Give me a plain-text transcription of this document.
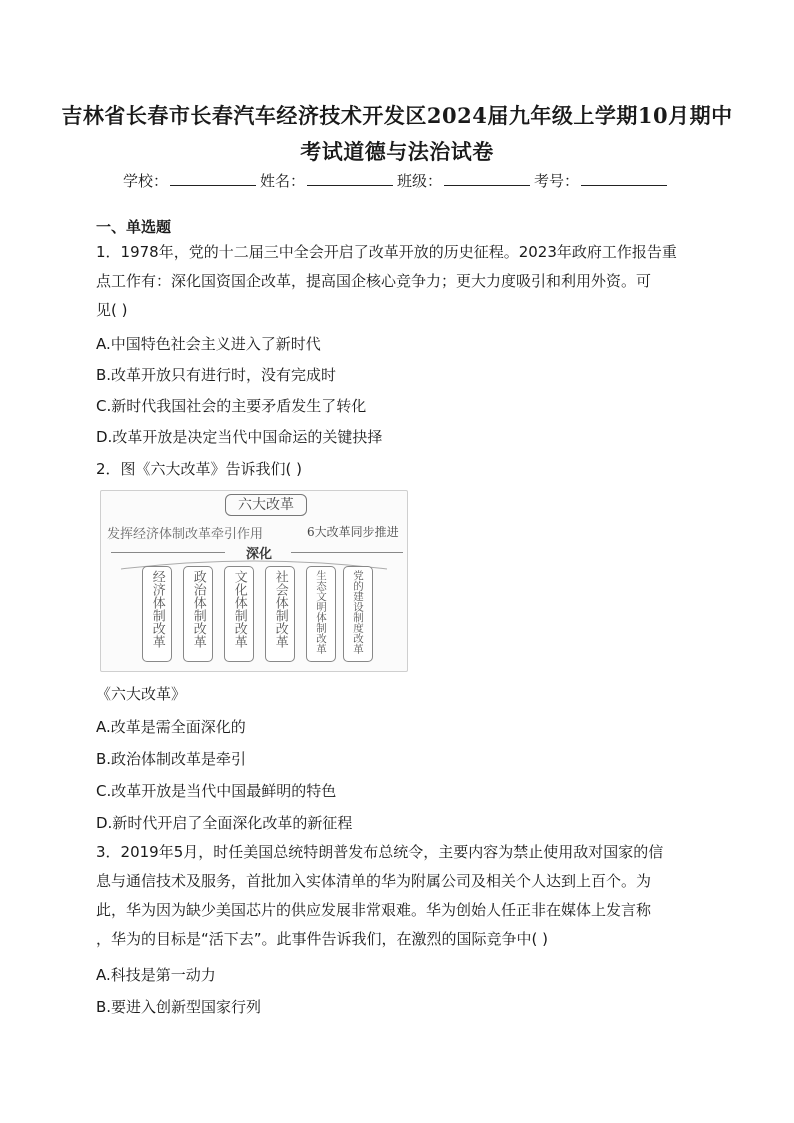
吉林省长春市长春汽车经济技术开发区2024届九年级上学期10月期中
考试道德与法治试卷
学校：	姓名：	班级：	考号：
一、单选题
1．1978年，党的十二届三中全会开启了改革开放的历史征程。2023年政府工作报告重
点工作有：深化国资国企改革，提高国企核心竞争力；更大力度吸引和利用外资。可
见( )
A.中国特色社会主义进入了新时代
B.改革开放只有进行时，没有完成时
C.新时代我国社会的主要矛盾发生了转化
D.改革开放是决定当代中国命运的关键抉择
2．图《六大改革》告诉我们( )
六大改革
发挥经济体制改革牵引作用	6大改革同步推进
深化
经济体制改革 政治体制改革 文化体制改革 社会体制改革	生态文明体制改革 党的建设制度改革
《六大改革》
A.改革是需全面深化的
B.政治体制改革是牵引
C.改革开放是当代中国最鲜明的特色
D.新时代开启了全面深化改革的新征程
3．2019年5月，时任美国总统特朗普发布总统令，主要内容为禁止使用敌对国家的信
息与通信技术及服务，首批加入实体清单的华为附属公司及相关个人达到上百个。为
此，华为因为缺少美国芯片的供应发展非常艰难。华为创始人任正非在媒体上发言称
，华为的目标是“活下去”。此事件告诉我们，在激烈的国际竞争中( )
A.科技是第一动力
B.要进入创新型国家行列
